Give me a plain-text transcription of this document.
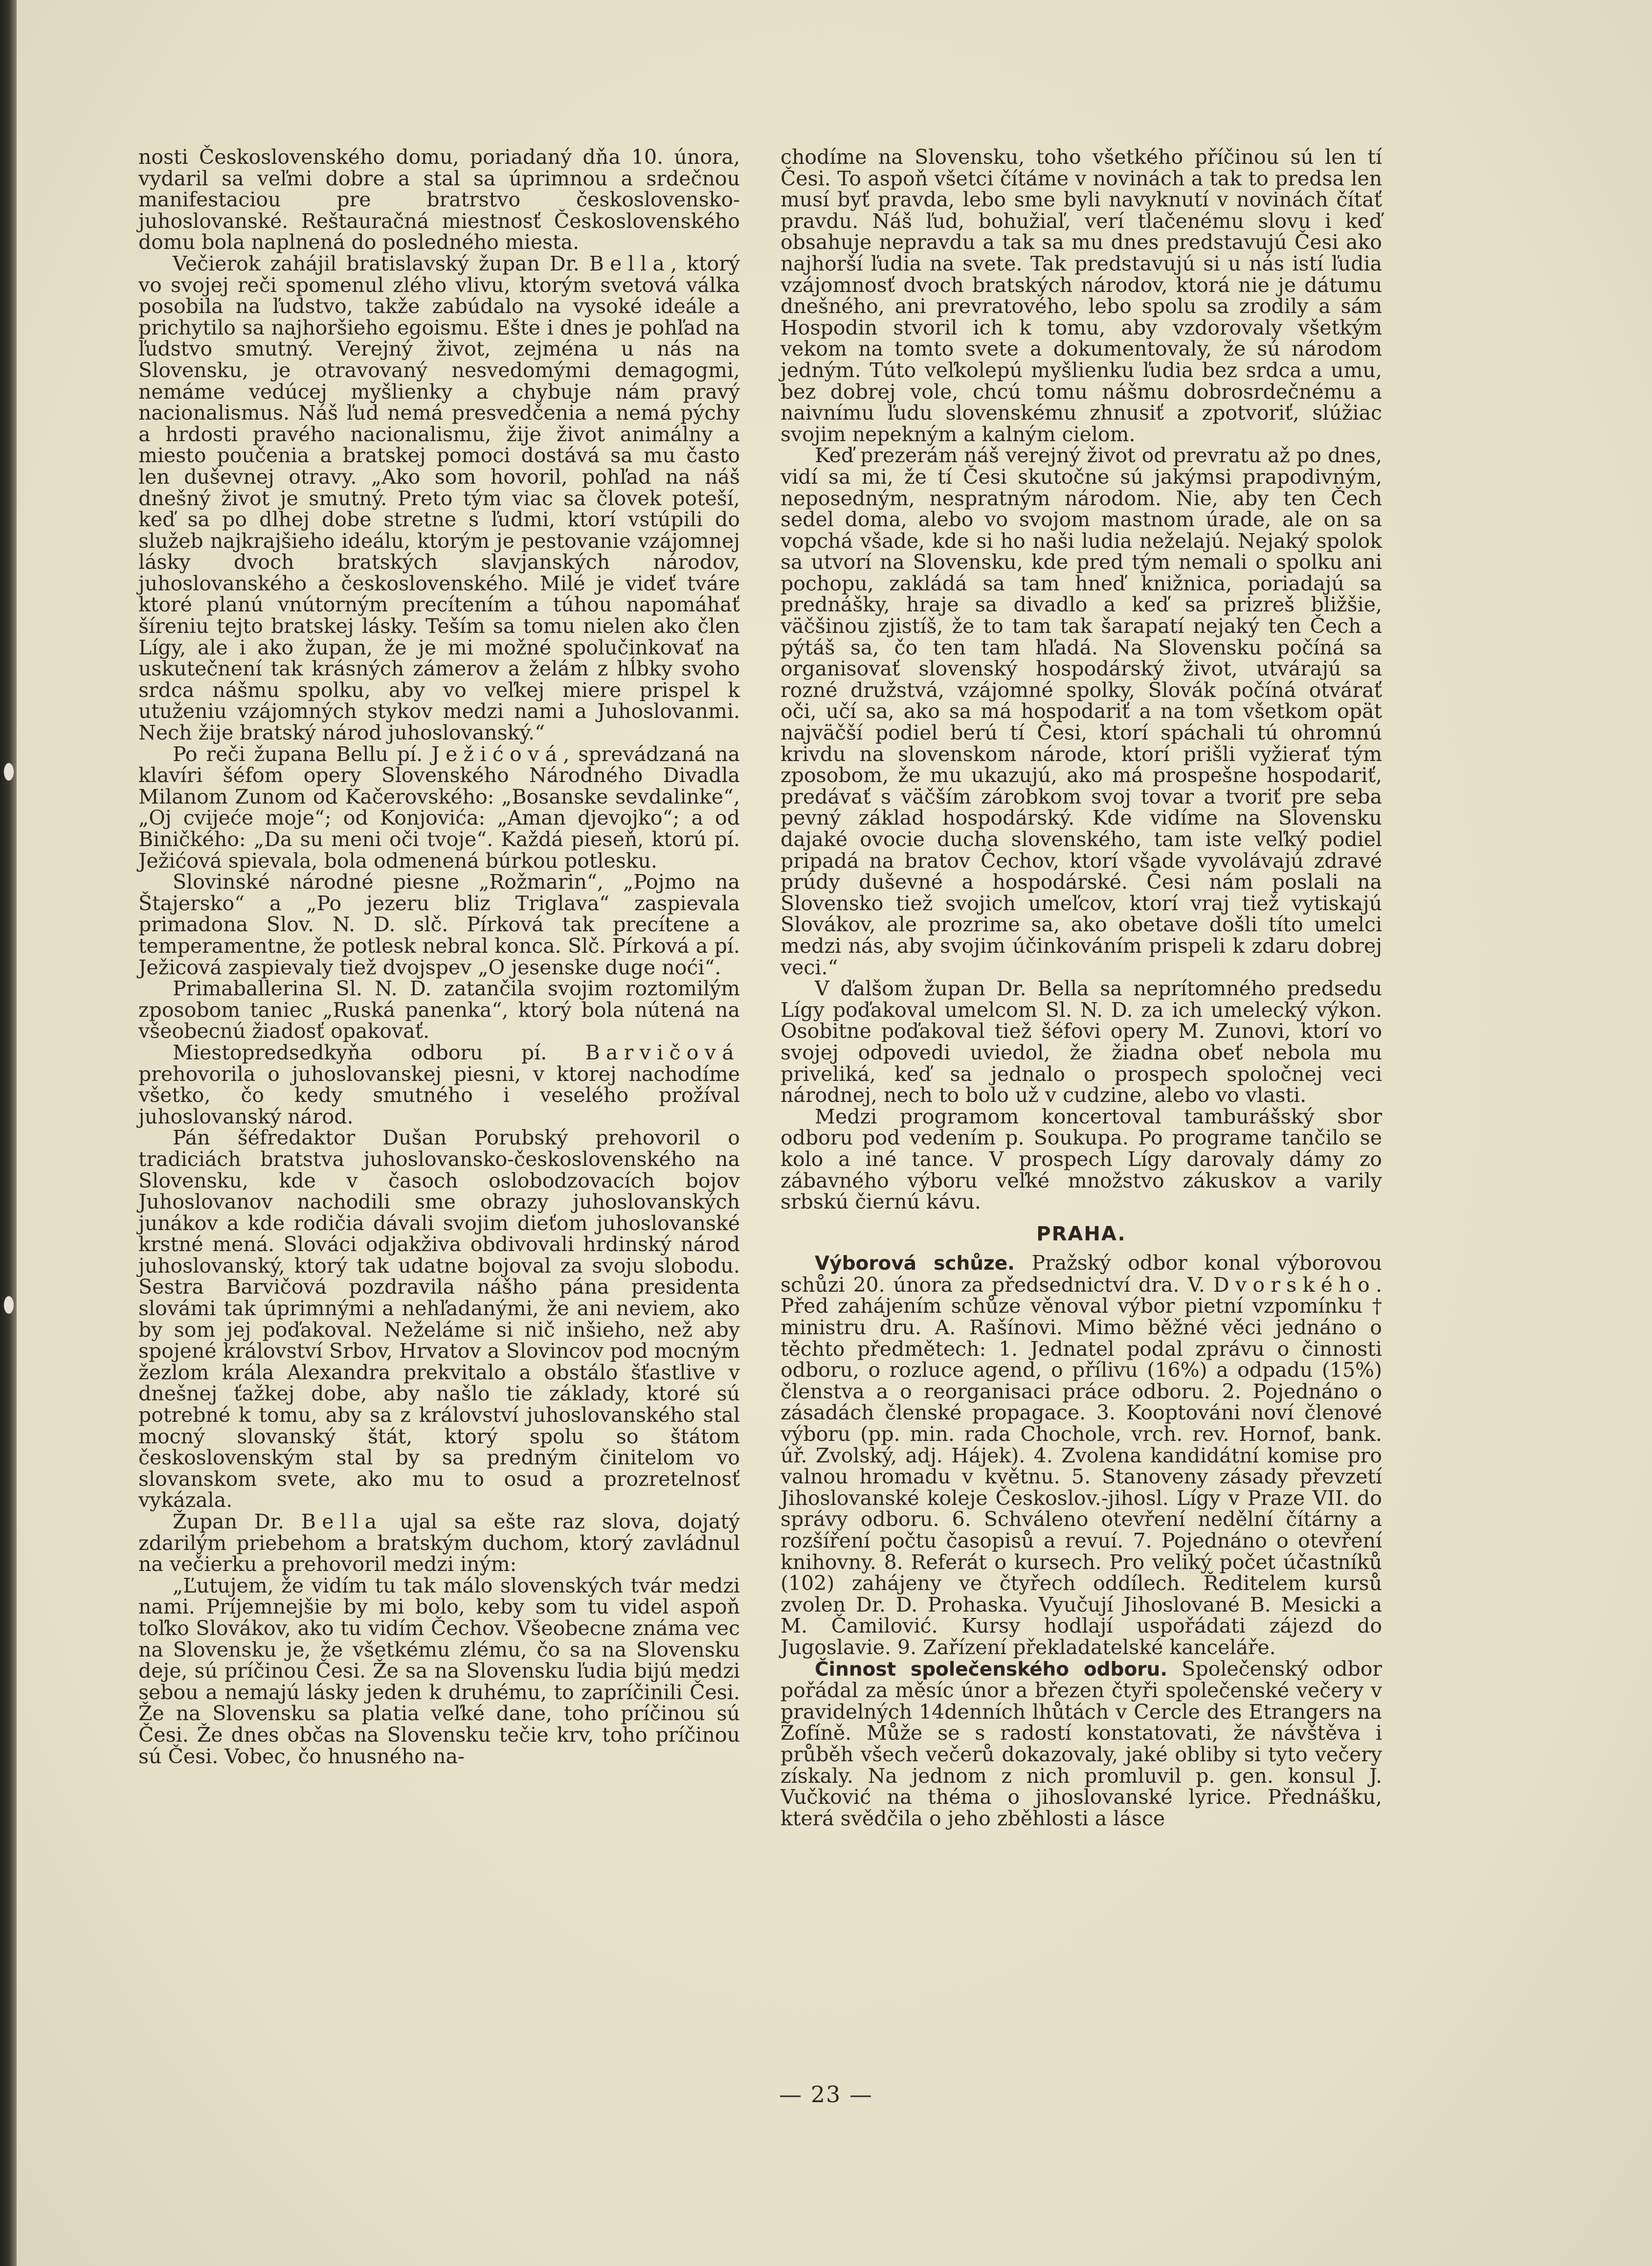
nosti Československého domu, poriadaný dňa 10. února, vydaril sa veľmi dobre a stal sa úprimnou a srdečnou manifestaciou pre bratrstvo československo-juhoslovanské. Reštauračná miestnosť Československého domu bola naplnená do posledného miesta.

Večierok zahájil bratislavský župan Dr. Bella, ktorý vo svojej reči spomenul zlého vlivu, ktorým svetová válka posobila na ľudstvo, takže zabúdalo na vysoké ideále a prichytilo sa najhoršieho egoismu. Ešte i dnes je pohľad na ľudstvo smutný. Verejný život, zejména u nás na Slovensku, je otravovaný nesvedomými demagogmi, nemáme vedúcej myšlienky a chybuje nám pravý nacionalismus. Náš ľud nemá presvedčenia a nemá pýchy a hrdosti pravého nacionalismu, žije život animálny a miesto poučenia a bratskej pomoci dostává sa mu často len duševnej otravy. „Ako som hovoril, pohľad na náš dnešný život je smutný. Preto tým viac sa človek poteší, keď sa po dlhej dobe stretne s ľudmi, ktorí vstúpili do služeb najkrajšieho ideálu, ktorým je pestovanie vzájomnej lásky dvoch bratských slavjanských národov, juhoslovanského a československého. Milé je videť tváre ktoré planú vnútorným precítením a túhou napomáhať šíreniu tejto bratskej lásky. Teším sa tomu nielen ako člen Lígy, ale i ako župan, že je mi možné spolučinkovať na uskutečnení tak krásných zámerov a želám z hĺbky svoho srdca nášmu spolku, aby vo veľkej miere prispel k utuženiu vzájomných stykov medzi nami a Juhoslovanmi. Nech žije bratský národ juhoslovanský.“

Po reči župana Bellu pí. Ježićová, sprevádzaná na klavíri šéfom opery Slovenského Národného Divadla Milanom Zunom od Kačerovského: „Bosanske sevdalinke“, „Oj cvijeće moje“; od Konjovića: „Aman djevojko“; a od Biničkého: „Da su meni oči tvoje“. Každá pieseň, ktorú pí. Ježićová spievala, bola odmenená búrkou potlesku.

Slovinské národné piesne „Rožmarin“, „Pojmo na Štajersko“ a „Po jezeru bliz Triglava“ zaspievala primadona Slov. N. D. slč. Pírková tak precítene a temperamentne, že potlesk nebral konca. Slč. Pírková a pí. Ježicová zaspievaly tiež dvojspev „O jesenske duge noći“.

Primaballerina Sl. N. D. zatančila svojim roztomilým zposobom taniec „Ruská panenka“, ktorý bola nútená na všeobecnú žiadosť opakovať.

Miestopredsedkyňa odboru pí. Barvičová prehovorila o juhoslovanskej piesni, v ktorej nachodíme všetko, čo kedy smutného i veselého prožíval juhoslovanský národ.

Pán šéfredaktor Dušan Porubský prehovoril o tradiciách bratstva juhoslovansko-československého na Slovensku, kde v časoch oslobodzovacích bojov Juhoslovanov nachodili sme obrazy juhoslovanských junákov a kde rodičia dávali svojim dieťom juhoslovanské krstné mená. Slováci odjakživa obdivovali hrdinský národ juhoslovanský, ktorý tak udatne bojoval za svoju slobodu. Sestra Barvičová pozdravila nášho pána presidenta slovámi tak úprimnými a nehľadanými, že ani neviem, ako by som jej poďakoval. Neželáme si nič inšieho, než aby spojené království Srbov, Hrvatov a Slovincov pod mocným žezlom krála Alexandra prekvitalo a obstálo šťastlive v dnešnej ťažkej dobe, aby našlo tie základy, ktoré sú potrebné k tomu, aby sa z království juhoslovanského stal mocný slovanský štát, ktorý spolu so štátom československým stal by sa predným činitelom vo slovanskom svete, ako mu to osud a prozretelnosť vykázala.

Župan Dr. Bella ujal sa ešte raz slova, dojatý zdarilým priebehom a bratským duchom, ktorý zavládnul na večierku a prehovoril medzi iným:

„Ľutujem, že vidím tu tak málo slovenských tvár medzi nami. Príjemnejšie by mi bolo, keby som tu videl aspoň toľko Slovákov, ako tu vidím Čechov. Všeobecne známa vec na Slovensku je, že všetkému zlému, čo sa na Slovensku deje, sú príčinou Česi. Že sa na Slovensku ľudia bijú medzi sebou a nemajú lásky jeden k druhému, to zapríčinili Česi. Že na Slovensku sa platia veľké dane, toho príčinou sú Česi. Že dnes občas na Slovensku tečie krv, toho príčinou sú Česi. Vobec, čo hnusného na-

chodíme na Slovensku, toho všetkého příčinou sú len tí Česi. To aspoň všetci čítáme v novinách a tak to predsa len musí byť pravda, lebo sme byli navyknutí v novinách čítať pravdu. Náš ľud, bohužiaľ, verí tlačenému slovu i keď obsahuje nepravdu a tak sa mu dnes predstavujú Česi ako najhorší ľudia na svete. Tak predstavujú si u nás istí ľudia vzájomnosť dvoch bratských národov, ktorá nie je dátumu dnešného, ani prevratového, lebo spolu sa zrodily a sám Hospodin stvoril ich k tomu, aby vzdorovaly všetkým vekom na tomto svete a dokumentovaly, že sú národom jedným. Túto veľkolepú myšlienku ľudia bez srdca a umu, bez dobrej vole, chcú tomu nášmu dobrosrdečnému a naivnímu ľudu slovenskému zhnusiť a zpotvoriť, slúžiac svojim nepekným a kalným cielom.

Keď prezerám náš verejný život od prevratu až po dnes, vidí sa mi, že tí Česi skutočne sú jakýmsi prapodivným, neposedným, nespratným národom. Nie, aby ten Čech sedel doma, alebo vo svojom mastnom úrade, ale on sa vopchá všade, kde si ho naši ludia neželajú. Nejaký spolok sa utvorí na Slovensku, kde pred tým nemali o spolku ani pochopu, zakládá sa tam hneď knižnica, poriadajú sa prednášky, hraje sa divadlo a keď sa prizreš bližšie, väčšinou zjistíš, že to tam tak šarapatí nejaký ten Čech a pýtáš sa, čo ten tam hľadá. Na Slovensku počíná sa organisovať slovenský hospodárský život, utvárajú sa rozné družstvá, vzájomné spolky, Slovák počíná otvárať oči, učí sa, ako sa má hospodariť a na tom všetkom opät najväčší podiel berú tí Česi, ktorí spáchali tú ohromnú krivdu na slovenskom národe, ktorí prišli vyžierať tým zposobom, že mu ukazujú, ako má prospešne hospodariť, predávať s väčším zárobkom svoj tovar a tvoriť pre seba pevný základ hospodárský. Kde vidíme na Slovensku dajaké ovocie ducha slovenského, tam iste veľký podiel pripadá na bratov Čechov, ktorí všade vyvolávajú zdravé prúdy duševné a hospodárské. Česi nám poslali na Slovensko tiež svojich umeľcov, ktorí vraj tiež vytiskajú Slovákov, ale prozrime sa, ako obetave došli títo umelci medzi nás, aby svojim účinkováním prispeli k zdaru dobrej veci.“

V ďalšom župan Dr. Bella sa neprítomného predsedu Lígy poďakoval umelcom Sl. N. D. za ich umelecký výkon. Osobitne poďakoval tiež šéfovi opery M. Zunovi, ktorí vo svojej odpovedi uviedol, že žiadna obeť nebola mu priveliká, keď sa jednalo o prospech spoločnej veci národnej, nech to bolo už v cudzine, alebo vo vlasti.

Medzi programom koncertoval tamburášský sbor odboru pod vedením p. Soukupa. Po programe tančilo se kolo a iné tance. V prospech Lígy darovaly dámy zo zábavného výboru veľké množstvo zákuskov a varily srbskú čiernú kávu.

PRAHA.

Výborová schůze. Pražský odbor konal výborovou schůzi 20. února za předsednictví dra. V. Dvorského. Před zahájením schůze věnoval výbor pietní vzpomínku † ministru dru. A. Rašínovi. Mimo běžné věci jednáno o těchto předmětech: 1. Jednatel podal zprávu o činnosti odboru, o rozluce agend, o přílivu (16%) a odpadu (15%) členstva a o reorganisaci práce odboru. 2. Pojednáno o zásadách členské propagace. 3. Kooptováni noví členové výboru (pp. min. rada Chochole, vrch. rev. Hornof, bank. úř. Zvolský, adj. Hájek). 4. Zvolena kandidátní komise pro valnou hromadu v květnu. 5. Stanoveny zásady převzetí Jihoslovanské koleje Českoslov.-jihosl. Lígy v Praze VII. do správy odboru. 6. Schváleno otevření nedělní čítárny a rozšíření počtu časopisů a revuí. 7. Pojednáno o otevření knihovny. 8. Referát o kursech. Pro veliký počet účastníků (102) zahájeny ve čtyřech oddílech. Ředitelem kursů zvolen Dr. D. Prohaska. Vyučují Jihoslované B. Mesicki a M. Čamilović. Kursy hodlají uspořádati zájezd do Jugoslavie. 9. Zařízení překladatelské kanceláře.

Činnost společenského odboru. Společenský odbor pořádal za měsíc únor a březen čtyři společenské večery v pravidelných 14denních lhůtách v Cercle des Etrangers na Žofíně. Může se s radostí konstatovati, že návštěva i průběh všech večerů dokazovaly, jaké obliby si tyto večery získaly. Na jednom z nich promluvil p. gen. konsul J. Vučković na théma o jihoslovanské lyrice. Přednášku, která svědčila o jeho zběhlosti a lásce

— 23 —
